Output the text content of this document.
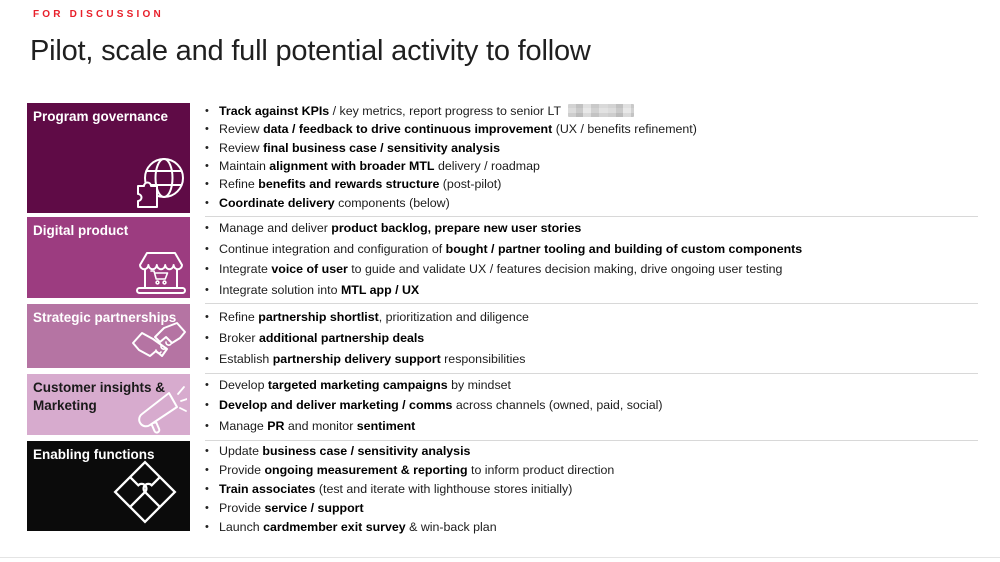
FOR DISCUSSION
Pilot, scale and full potential activity to follow
Program governance	• Track against KPIs / key metrics, report progress to senior LT
• Review data / feedback to drive continuous improvement (UX / benefits refinement)
• Review final business case / sensitivity analysis
• Maintain alignment with broader MTL delivery / roadmap
• Refine benefits and rewards structure (post-pilot)
• Coordinate delivery components (below)
Digital product	• Manage and deliver product backlog, prepare new user stories
• Continue integration and configuration of bought / partner tooling and building of custom components
• Integrate voice of user to guide and validate UX / features decision making, drive ongoing user testing
• Integrate solution into MTL app / UX
Strategic partnerships	• Refine partnership shortlist, prioritization and diligence
• Broker additional partnership deals
• Establish partnership delivery support responsibilities
Customer insights & Marketing
• Develop targeted marketing campaigns by mindset
• Develop and deliver marketing / comms across channels (owned, paid, social)
• Manage PR and monitor sentiment
Enabling functions	• Update business case / sensitivity analysis
• Provide ongoing measurement & reporting to inform product direction
• Train associates (test and iterate with lighthouse stores initially)
• Provide service / support
• Launch cardmember exit survey & win-back plan
